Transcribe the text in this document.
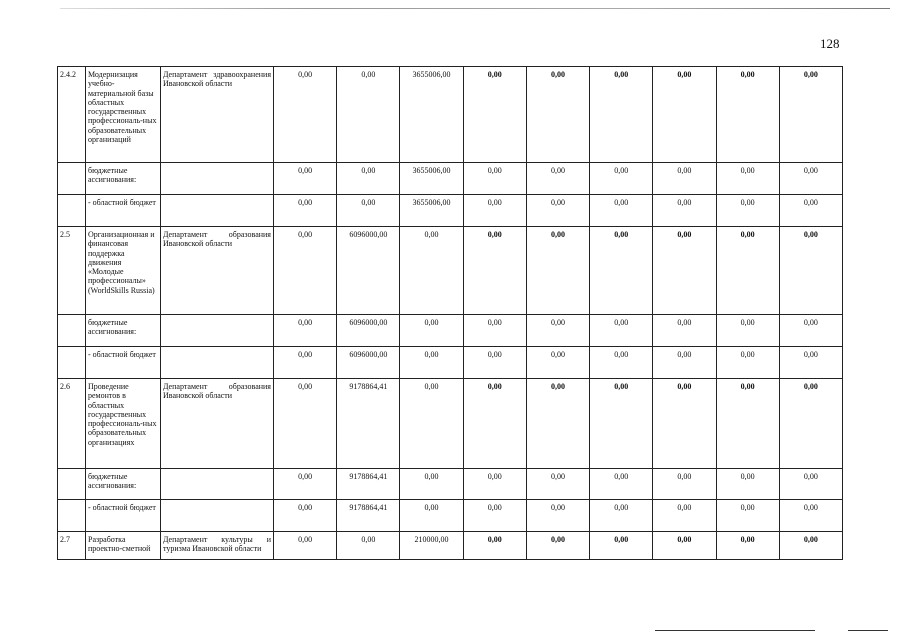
128
2.4.2	Модернизация учебно-материальной базы областных государственных профессиональ-ных образовательных организаций	Департамент здравоохранения Ивановской области	0,00	0,00	3655006,00	0,00	0,00	0,00	0,00	0,00	0,00
	бюджетные ассигнования:		0,00	0,00	3655006,00	0,00	0,00	0,00	0,00	0,00	0,00
	- областной бюджет		0,00	0,00	3655006,00	0,00	0,00	0,00	0,00	0,00	0,00
2.5	Организационная и финансовая поддержка движения «Молодые профессионалы» (WorldSkills Russia)	Департамент образования Ивановской области	0,00	6096000,00	0,00	0,00	0,00	0,00	0,00	0,00	0,00
	бюджетные ассигнования:		0,00	6096000,00	0,00	0,00	0,00	0,00	0,00	0,00	0,00
	- областной бюджет		0,00	6096000,00	0,00	0,00	0,00	0,00	0,00	0,00	0,00
2.6	Проведение ремонтов в областных государственных профессиональ-ных образовательных организациях	Департамент образования Ивановской области	0,00	9178864,41	0,00	0,00	0,00	0,00	0,00	0,00	0,00
	бюджетные ассигнования:		0,00	9178864,41	0,00	0,00	0,00	0,00	0,00	0,00	0,00
	- областной бюджет		0,00	9178864,41	0,00	0,00	0,00	0,00	0,00	0,00	0,00
2.7	Разработка проектно-сметной	Департамент культуры и туризма Ивановской области	0,00	0,00	210000,00	0,00	0,00	0,00	0,00	0,00	0,00
